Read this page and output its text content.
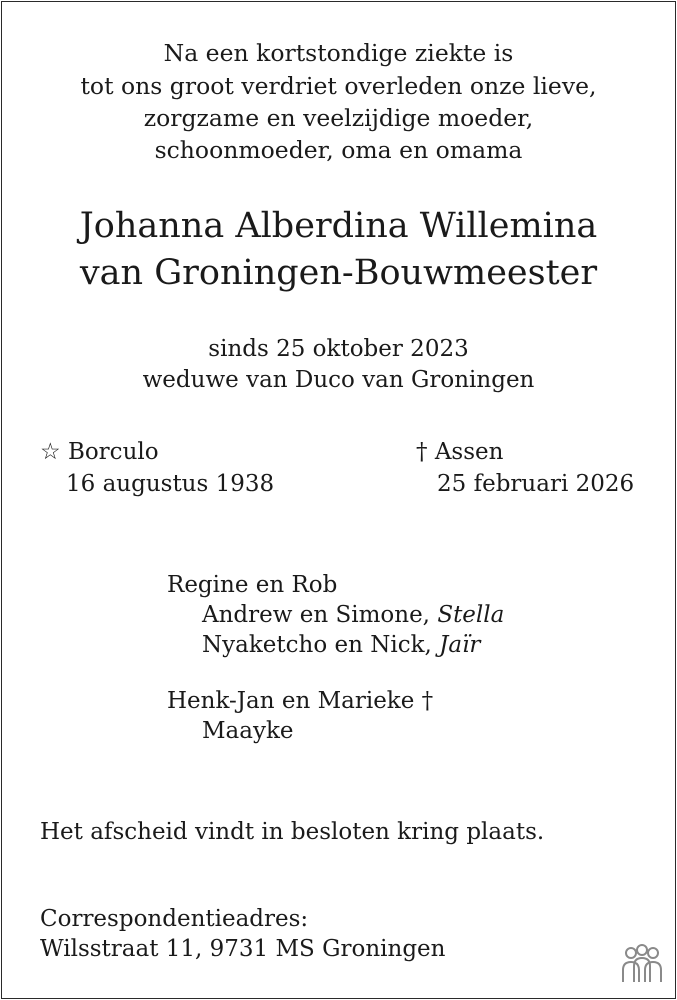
Na een kortstondige ziekte is
tot ons groot verdriet overleden onze lieve,
zorgzame en veelzijdige moeder,
schoonmoeder, oma en omama
Johanna Alberdina Willemina
van Groningen-Bouwmeester
sinds 25 oktober 2023
weduwe van Duco van Groningen
☆ Borculo
16 augustus 1938
† Assen
25 februari 2026
Regine en Rob
Andrew en Simone, Stella
Nyaketcho en Nick, Jaïr
Henk-Jan en Marieke †
Maayke
Het afscheid vindt in besloten kring plaats.
Correspondentieadres:
Wilsstraat 11, 9731 MS Groningen
